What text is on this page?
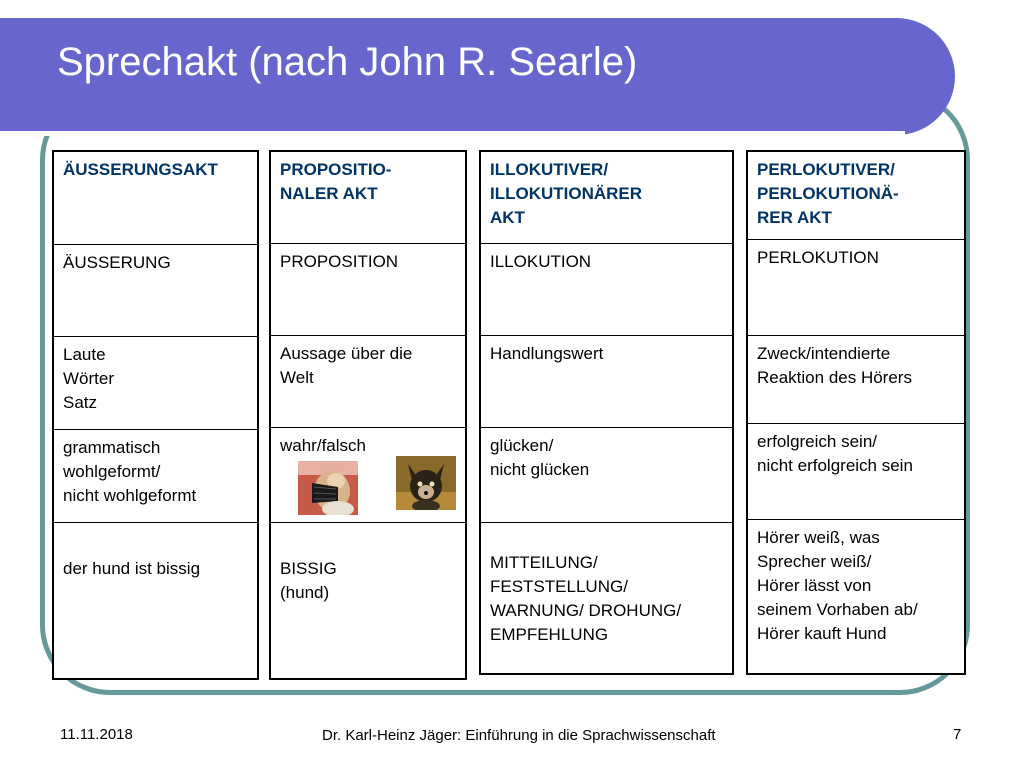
Sprechakt (nach John R. Searle)
ÄUSSERUNGSAKT
ÄUSSERUNG
Laute
Wörter
Satz
grammatisch
wohlgeformt/
nicht wohlgeformt
der hund ist bissig
PROPOSITIO-
NALER AKT
PROPOSITION
Aussage über die
Welt
wahr/falsch
BISSIG
(hund)
ILLOKUTIVER/
ILLOKUTIONÄRER
AKT
ILLOKUTION
Handlungswert
glücken/
nicht glücken
MITTEILUNG/
FESTSTELLUNG/
WARNUNG/ DROHUNG/
EMPFEHLUNG
PERLOKUTIVER/
PERLOKUTIONÄ-
RER AKT
PERLOKUTION
Zweck/intendierte
Reaktion des Hörers
erfolgreich sein/
nicht erfolgreich sein
Hörer weiß, was
Sprecher weiß/
Hörer lässt von
seinem Vorhaben ab/
Hörer kauft Hund
11.11.2018	Dr. Karl-Heinz Jäger: Einführung in die Sprachwissenschaft	7
